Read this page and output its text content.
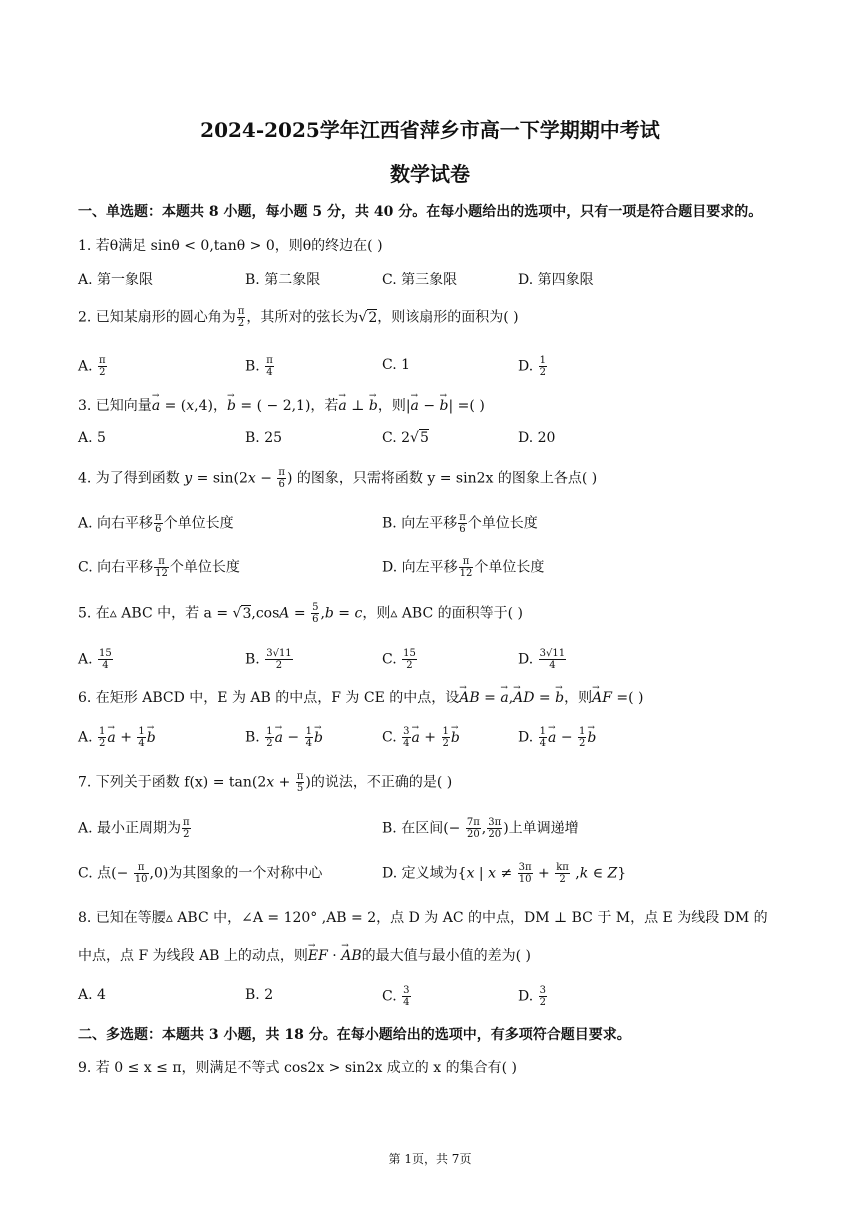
2024-2025学年江西省萍乡市高一下学期期中考试
数学试卷
一、单选题：本题共 8 小题，每小题 5 分，共 40 分。在每小题给出的选项中，只有一项是符合题目要求的。
1. 若θ满足 sinθ < 0,tanθ > 0，则θ的终边在( )
A. 第一象限	B. 第二象限	C. 第三象限	D. 第四象限
2. 已知某扇形的圆心角为 $\frac{\pi}{2}$ ，其所对的弦长为√2，则该扇形的面积为( )
A. $\frac{\pi}{2}$	B. $\frac{\pi}{4}$	C. 1	D. $\frac{1}{2}$
3. 已知向量→ a = (x,4)，→ b = ( − 2,1)，若→ a ⊥ → b，则|→ a − → b| =( )
A. 5	B. 25	C. 2√5	D. 20
4. 为了得到函数 $y = \sin(2x - \frac{\pi}{6}$ ) 的图象，只需将函数 y = sin2x 的图象上各点( )
A. 向右平移 $\frac{\pi}{6}$ 个单位长度	B. 向左平移 $\frac{\pi}{6}$ 个单位长度
C. 向右平移 $\frac{\pi}{12}$ 个单位长度	D. 向左平移 $\frac{\pi}{12}$ 个单位长度
5. 在▵ ABC 中，若 $a = √3,\cos A = \frac{5}{6} ,b = c$，则▵ ABC 的面积等于( )
A. $\frac{15}{4}$	B. $\frac{3√11}{2}$	C. $\frac{15}{2}$	D. $\frac{3√11}{4}$
6. 在矩形 ABCD 中，E 为 AB 的中点，F 为 CE 的中点，设→ AB = → a,→ AD = → b，则→ AF =( )
A. $\frac{1}{2}$
→ $a + \frac{1}{4}$
→ b	B. $\frac{1}{2}$
→ $a - \frac{1}{4}$
→ b	C. $\frac{3}{4}$
→ $a + \frac{1}{2}$
→ b	D. $\frac{1}{4}$
→ $a - \frac{1}{2}$
→ b
7. 下列关于函数 $f(x) = \tan(2x + \frac{\pi}{5}$ )的说法，不正确的是( )
A. 最小正周期为 $\frac{\pi}{2}$	B. 在区间(− $\frac{7\pi}{20}$ , $\frac{3\pi}{20}$ )上单调递增
C. 点(− $\frac{\pi}{10} ,0$)为其图象的一个对称中心	D. 定义域为{x | $x \ne \frac{3\pi}{10} + \frac{k\pi}{2} ,k$ ∈ Z}
8. 已知在等腰▵ ABC 中，∠A = 120° ,AB = 2，点 D 为 AC 的中点，DM ⊥ BC 于 M，点 E 为线段 DM 的
中点，点 F 为线段 AB 上的动点，则→ EF · → AB的最大值与最小值的差为( )
A. 4	B. 2	C. $\frac{3}{4}$	D. $\frac{3}{2}$
二、多选题：本题共 3 小题，共 18 分。在每小题给出的选项中，有多项符合题目要求。
9. 若 0 ≤ x ≤ π，则满足不等式 cos2x > sin2x 成立的 x 的集合有( )
第 1页，共 7页
